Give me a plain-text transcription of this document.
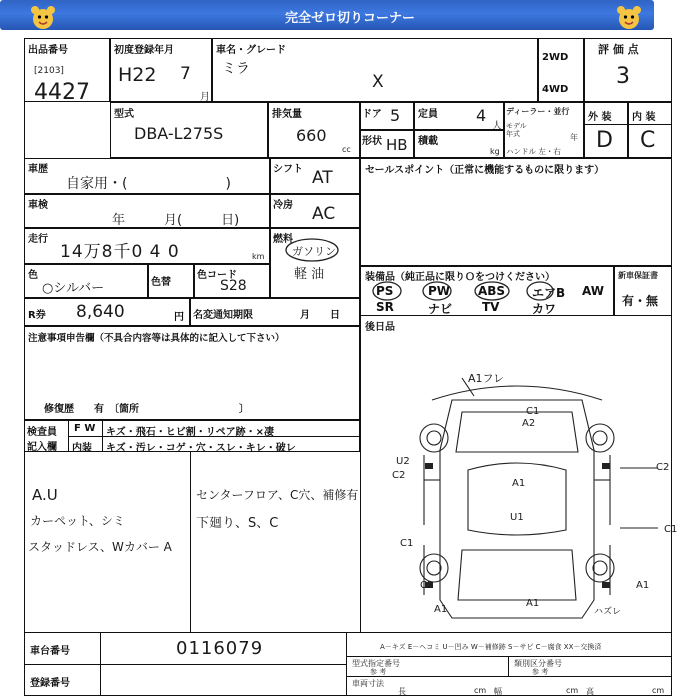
完全ゼロ切りコーナー
出品番号
[2103]
4427
初度登録年月
H22 7
月
車名・グレード
ミラ
X
2WD
4WD
評 価 点
3
型式
DBA-L275S
排気量
660
cc
ドア 5 定員 4
人
形状 HB 積載
kg
ディーラー・並行
モデル
年式	年
ハンドル 左・右
外 装 内 装
D C
車歴
自家用・(　　　　　　　)
シフト AT
車検
年　　　月(　　　日)
冷房 AC
走行
14万8千0 4 0	km
燃料
ガソリン
軽 油
色
○シルバー	色替
色コード
S28
R券 8,640	円 名変通知期限	月　　日
セールスポイント（正常に機能するものに限ります）
装備品（純正品に限りＯをつけください）
PS	PW ABS エアB AW
SR	ナビ TV	カワ
新車保証書
有・無
後日品
注意事項申告欄（不具合内容等は具体的に記入して下さい）
修復歴　　有　〔箇所　　　　　　　　　　〕
検査員
記入欄
F W キズ・飛石・ヒビ割・リペア跡・×凄
内装 キズ・汚レ・コゲ・穴・スレ・キレ・破レ
A.U
カーペット、シミ
スタッドレス、Wカバー A
センターフロア、C穴、補修有
下廻り、S、C
A1フレ
C1
A2
U2
C2
C2
C1
U1
C1
A1
C2	A1
A1
A1
ハズレ
車台番号	0116079
登録番号
A－キズ E－ヘコミ U－凹み W－補修跡 S－サビ C－腐食 XX－交換済
型式指定番号
参 考
類別区分番号
参 考
車両寸法
長	cm 幅	cm 高	cm
